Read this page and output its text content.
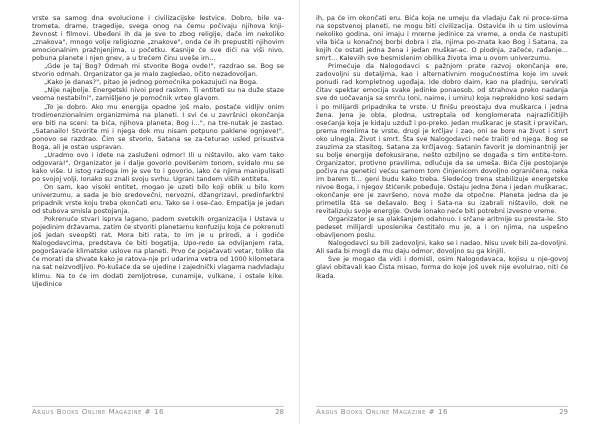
vrste sa samog dna evolucione i civilizacijske lestvice. Dobro, bile va-trometa, drame, tragedije, svega onog na čemu počivaju njihova knji-ževnost i filmovi. Ubeđeni ih da je sve to zbog religije, dače im nekoliko „znakova", mnogo volje religiozne „znakove", onda će ih prepustiti njihovim emocionalnim pražnjenjima, u početku. Kasnije će sve dići na viši nivo, pobuna planete i njen gnev, a u trećem činu uveše im...

„Gde je taj Bog? Odmah mi stvorite Boga ovde!", razdrao se. Bog se stvorio odmah. Organizator ga je malo zagledao, očito nezadovoljan.

„Kako je danas?", pitao je jednog pomoćnika pokazujući na Boga.

„Nije najbolje. Energetski nivoi pred raslom. Ti entiteti su na duže staze veoma nestabilni", zamišljeno je pomoćnik vrteo glavom.

„To je dobro. Ako mu energija opadne još malo, postaće vidljiv onim trodimenzionalnim organizmima na planeti. I svi će u završnici okončanja ere biti na sceni: ta bića, njihova planeta, Bog i...", na tre-nutak je zastao. „Satanailo! Stvorite mi i njega dok mu nisam potpuno paklene ognjeve!", ponovo se razdrao. Čim se stvorio, Satana se za-teturao usled prisustva Boga, ali je ostao uspravan.

„Uradmo ovo i idete na zasluženi odmor! Ili u ništavilo, ako vam tako odgovara!", Organizator je i dalje govorio povišenim tonom, svidalo mu se kako više. U istog razloga im je sve to i govorio, iako će njima manipulisati po svojoj volji. Ionako su znali svoju svrhu. Ugrani tandem viših entiteta.

On sam, kao visoki entitet, mogao je uzeti bilo koji oblik u bilo kom univerzumu, a sada je bio sredovečni, nervozni, džangrizavi, predinfarktni pripadnik vrste koju treba okončati eru. Tako se i ose-ćao. Empatija je jedan od stubova smisla postojanja.

Pokrenuće stvari isprva lagano, padom svetskih organizacija i Ustava u pojedinim državama, zatim će stvoriti planetarnu konfuziju koja će pokrenuti još jedan sveopšti rat. Mora biti rata, to im je u prirodi, a i godiće Nalogodavcima, predstava će biti bogatija. Upo-redo sa odvijanjem rata, pogoršavaće klimatske uslove na planeti. Prvo će pojačavati vetar, toliko da će morati da shvate kako je ratova-nje pri udarima vetra od 1000 kilometara na sat neizvodljivo. Po-kušaće da se ujedine i zajednički vlagama nadvladaju klimu. Na to će im dodati zemljotrese, cunamije, vulkane, i ostale kike. Ujedinice

Argus Books Online Magazine # 16	28

ih, pa će im okončati eru. Bića koja ne umeju da vladaju čak ni proce-sima na sopstvenoj planeti, ne mogu biti civilizacija. Ostaviće ih u tim uslovima nekoliko godina, oni imaju i mrerne jedinice za vreme, a onda će nastupiti vila bića u konačnoj borbi dobra i zla, njima po-znata kao Bog i Satana, za kojih će ostati jedna žena i jedan muškar-ac. O plodnja, začeće, rađanje... smrt... Kaleviih sve besmislenim obilika života ima u ovom univerzumu.

Primećuje da Nalogodavci s pažnjom prate razvoj okončanja ere, zadovoljni su detaljima, kao i alternativnim mogućnostima koje im uvek ponudi rad kompletnog ugođaja. Ide dobro daim, kao na pladnju, servirati čitav spektar emocija svake jedinke ponaosob, od strahova preko nadanja sve do uočavanja sa smrću (oni, naime, i umiru) koja neprekidno kosi sedam i po milijardi pripadnika te vrste. U finišu preostaju dva muškarca i jedna žena. Jena je obla, plodna, ustreptala od konglomerata najrazličitijih osećanja koja je kidaju uzduž i po-preko. Jedan muškarac je stasit i pravičan, prema menlima te vrste, drugi je krčljav i zao, oni se bore na život i smrt oko ulnegla. Život i smrt. Šta sve Nalogodavci neće traiiti od njega. Bog se zauzima za stasitog, Satana za krčljavog. Satanin favorit je dominantniji jer su bolje energije defokusirane, nešto ozbiljno se događa s tim entite-tom. Organizator, protivno pravilima, odlučuje da se umeša. Bića čije postojanje počiva na genetici većsu samom tom činjenicom dovoljno ograničena, neka im barem ti... geni budu kako treba. Sledećog trena stabilizuje energetske nivoe Boga, i njegov štićenik pobeđuje. Ostaju jedna žena i jedan muškarac, okončanje ere je završeno, nova može da otpočne. Planeta jedna da je primetila šta se dešavalo. Bog i Sata-na su izabrali ništavilo, dok ne revitalizuju svoje energije. Ovde ionako neće biti potrebni izvesno vreme.

Organizator je sa olakšanjem odahnuo. I srčane aritmije su presta-le. Sto pedeset milijardi uposlenika čestitalo mu je, a i on njima, na uspešno obavljenom poslu.

Nalogodavci su bili zadovoljni, kako se i nadao. Nisu uvek bili za-dovoljni. Ali sada bi mogli da mu daju odmor, dovoljno su ga kinjili.

Sve je mogao da vidi i domisli, osim Nalogodavaca, kojisu u nje-govoj glavi obitavali kao Čista misao, forma do koje još uvek nije evoluirao, niti će ikada.

Argus Books Online Magazine # 16	29
